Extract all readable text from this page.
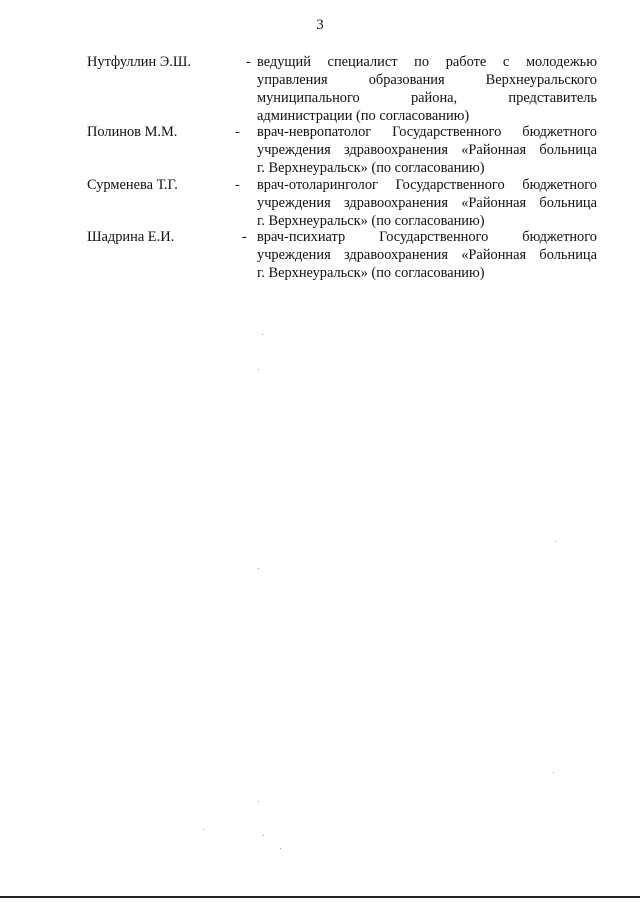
3
Нутфуллин Э.Ш.	- ведущий специалист по работе с молодежью
управления образования Верхнеуральского
муниципального района, представитель
администрации (по согласованию)
Полинов М.М.	- врач-невропатолог Государственного бюджетного
учреждения здравоохранения «Районная больница
г. Верхнеуральск» (по согласованию)
Сурменева Т.Г.	- врач-отоларинголог Государственного бюджетного
учреждения здравоохранения «Районная больница
г. Верхнеуральск» (по согласованию)
Шадрина Е.И.	- врач-психиатр Государственного бюджетного
учреждения здравоохранения «Районная больница
г. Верхнеуральск» (по согласованию)
